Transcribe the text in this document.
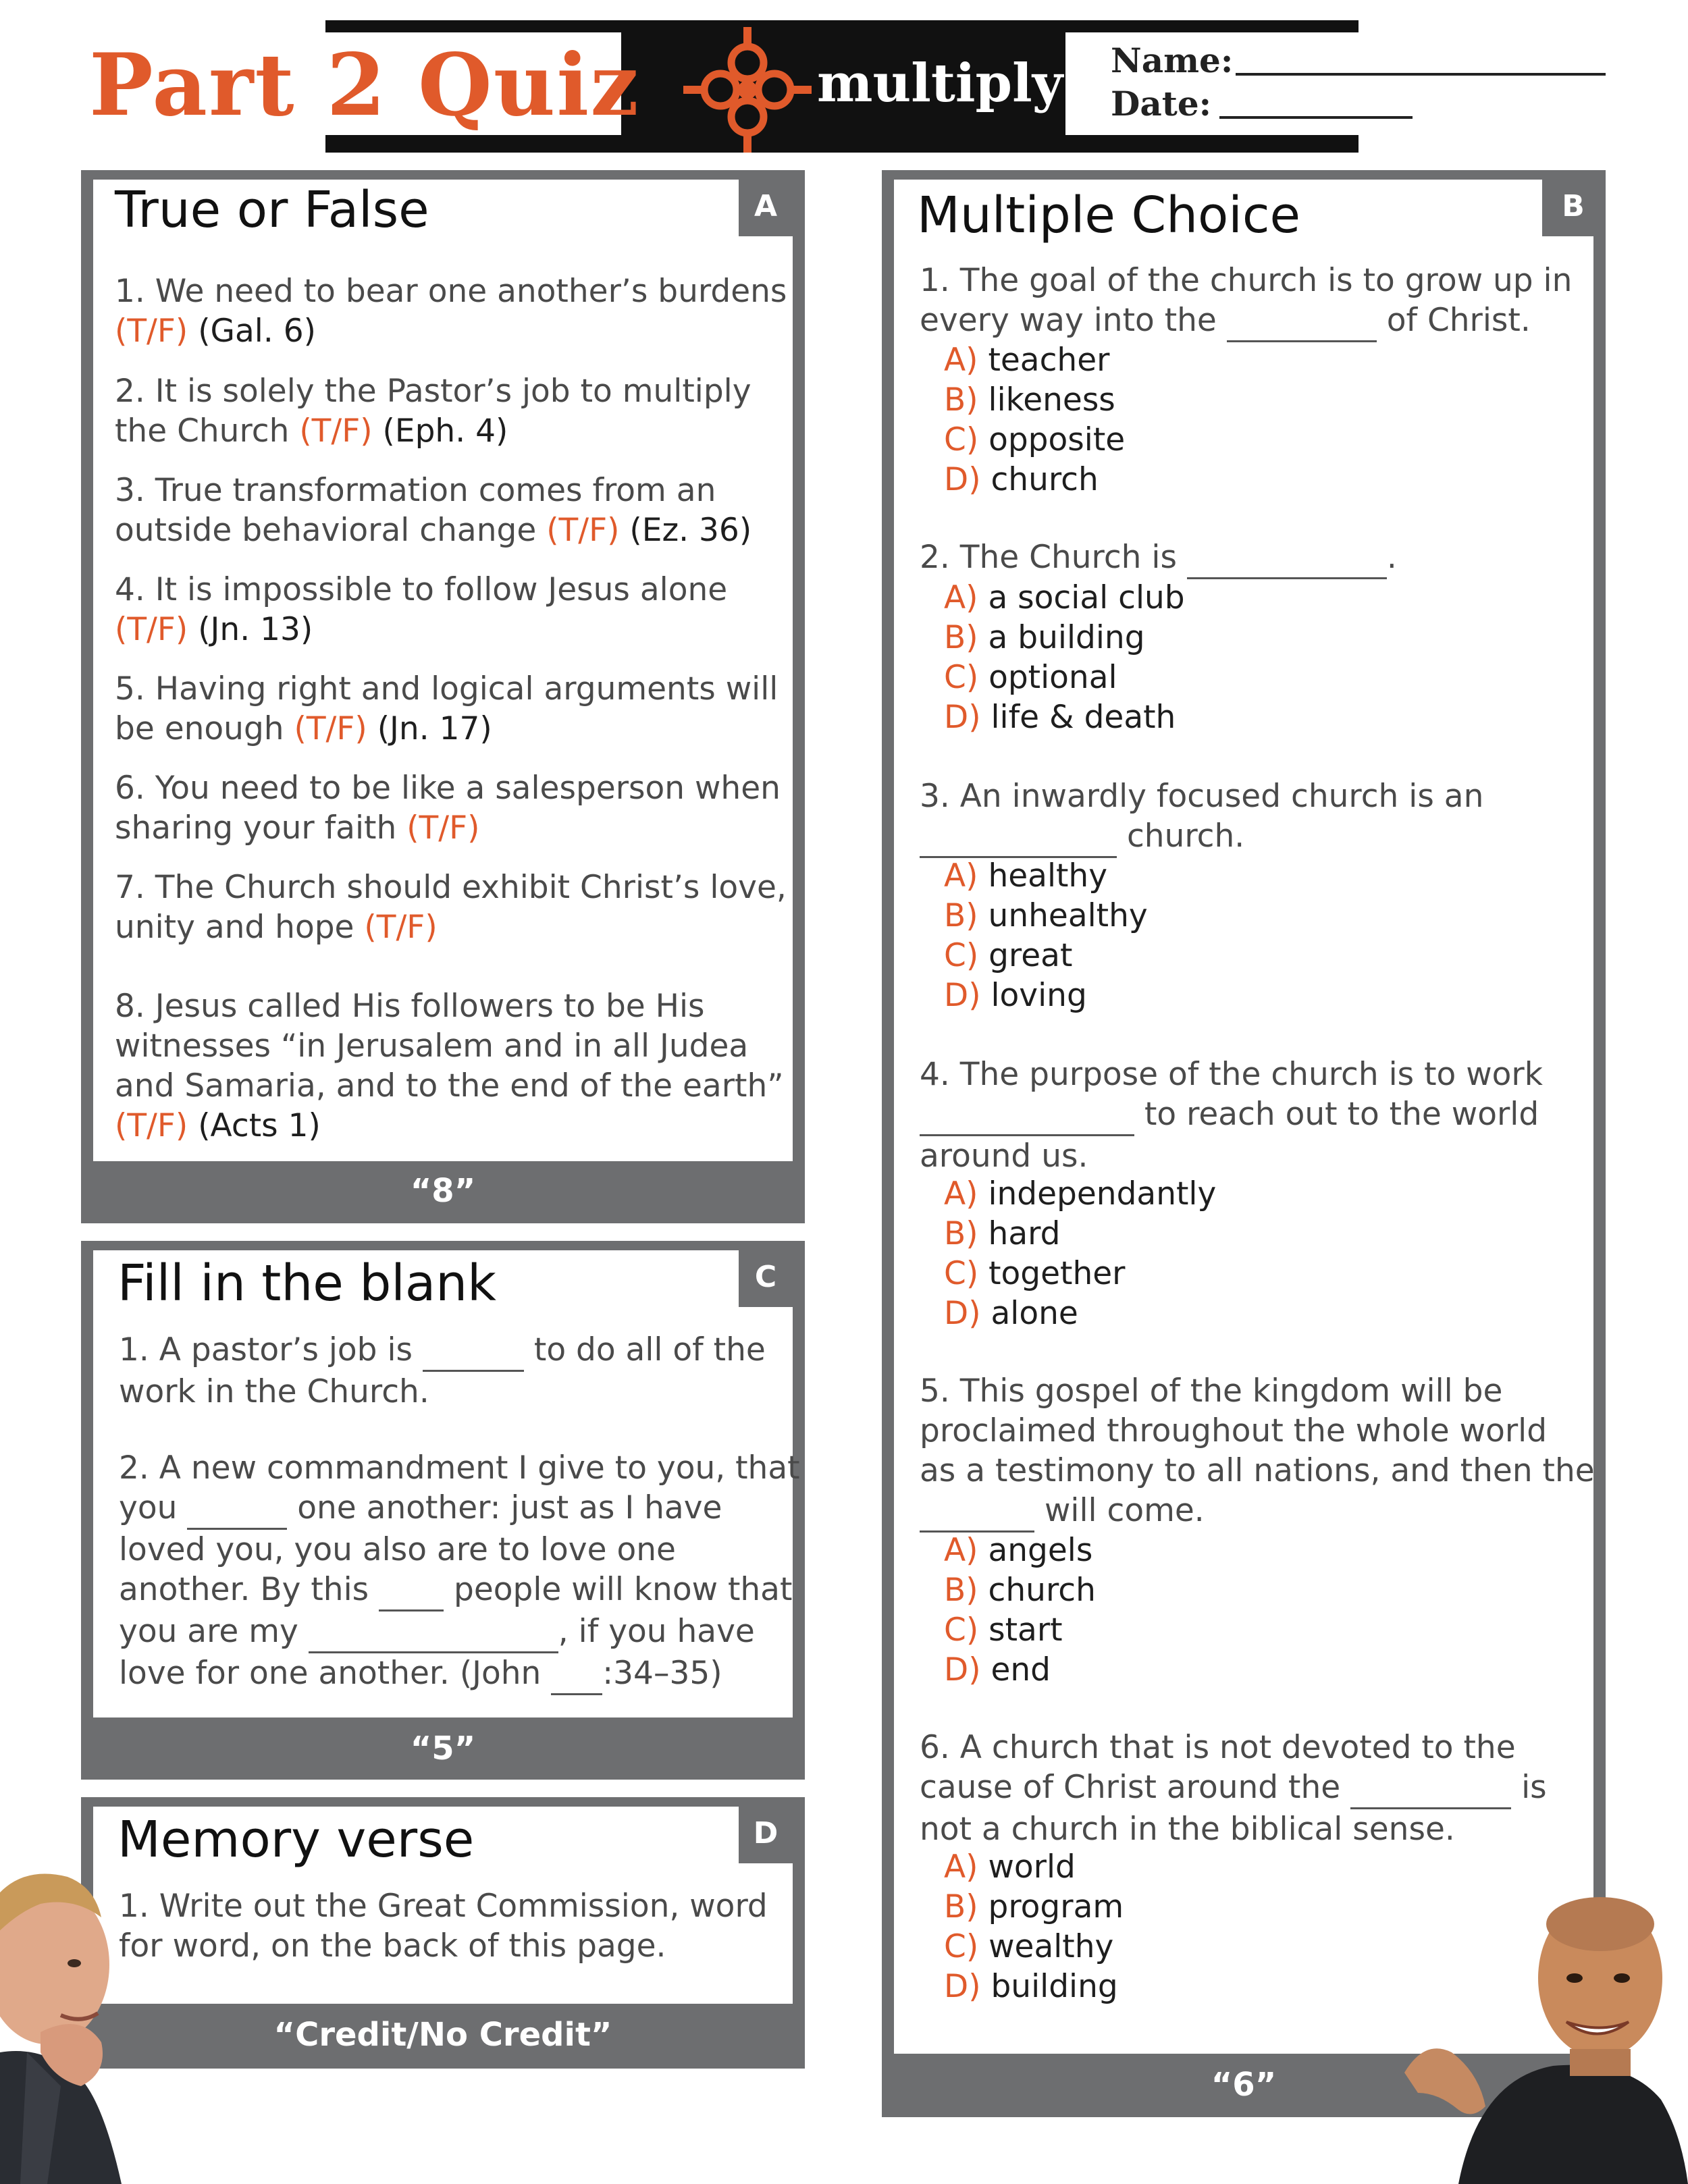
Part 2 Quiz	multiply Name:
Date:
A
True or False
1. We need to bear one another’s burdens
(T/F) (Gal. 6)
2. It is solely the Pastor’s job to multiply
the Church (T/F) (Eph. 4)
3. True transformation comes from an
outside behavioral change (T/F) (Ez. 36)
4. It is impossible to follow Jesus alone
(T/F) (Jn. 13)
5. Having right and logical arguments will
be enough (T/F) (Jn. 17)
6. You need to be like a salesperson when
sharing your faith (T/F)
7. The Church should exhibit Christ’s love,
unity and hope (T/F)
8. Jesus called His followers to be His
witnesses “in Jerusalem and in all Judea
and Samaria, and to the end of the earth”
(T/F) (Acts 1)
“8”
C
Fill in the blank
1. A pastor’s job is	to do all of the
work in the Church.
2. A new commandment I give to you, that
you	one another: just as I have
loved you, you also are to love one
another. By this   people will know that
you are my	, if you have
love for one another. (John  :34–35)
“5”
D
Memory verse
1. Write out the Great Commission, word
for word, on the back of this page.
“Credit/No Credit”
B
Multiple Choice
1. The goal of the church is to grow up in
every way into the	of Christ.
A) teacher
B) likeness
C) opposite
D) church
2. The Church is	.
A) a social club
B) a building
C) optional
D) life & death
3. An inwardly focused church is an
church.
A) healthy
B) unhealthy
C) great
D) loving
4. The purpose of the church is to work
to reach out to the world
around us.
A) independantly
B) hard
C) together
D) alone
5. This gospel of the kingdom will be
proclaimed throughout the whole world
as a testimony to all nations, and then the
will come.
A) angels
B) church
C) start
D) end
6. A church that is not devoted to the
cause of Christ around the	is
not a church in the biblical sense.
A) world
B) program
C) wealthy
D) building
“6”
